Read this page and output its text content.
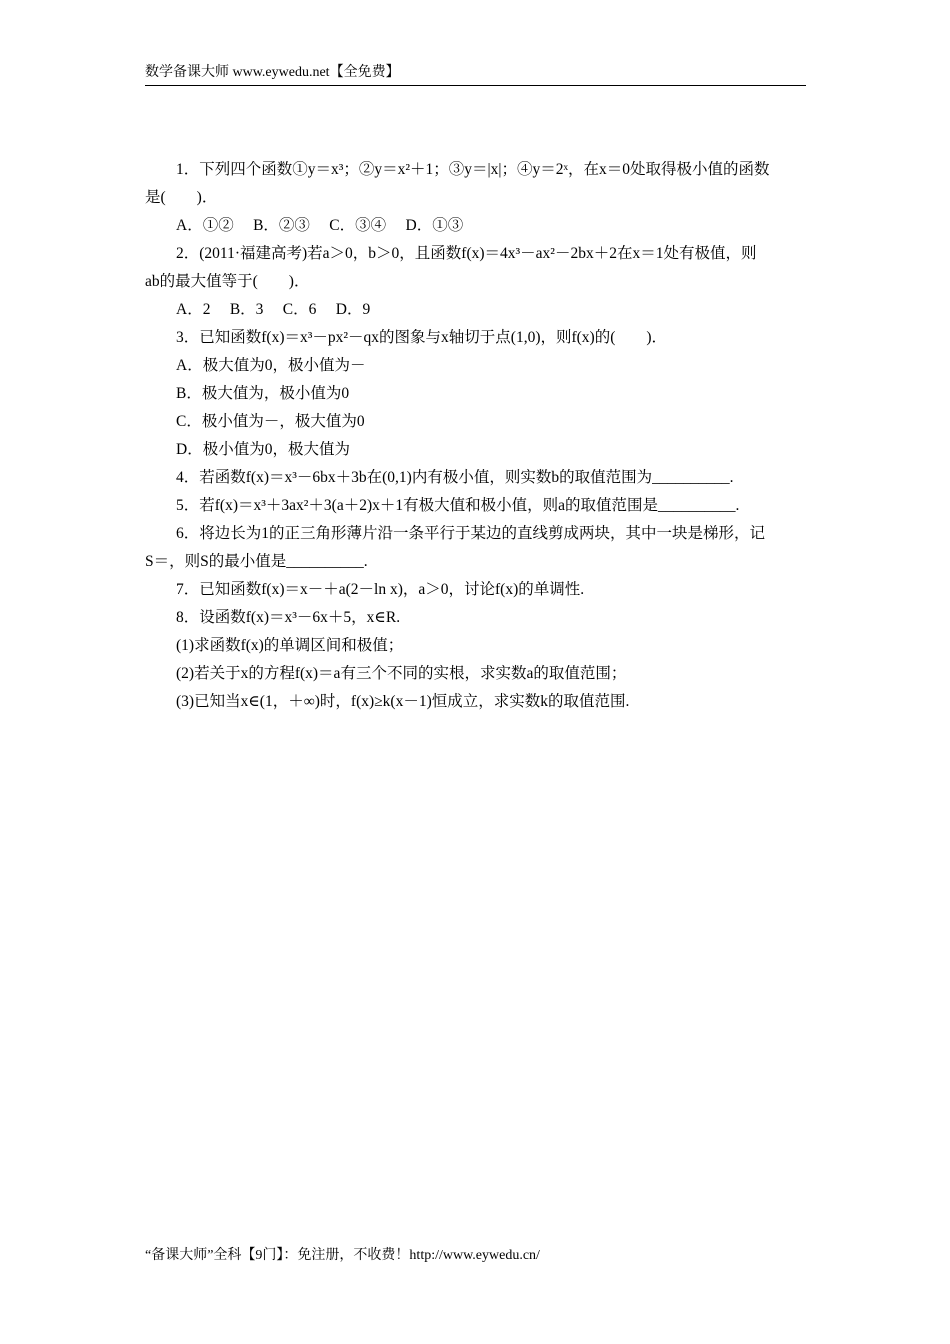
数学备课大师 www.eywedu.net【全免费】
1．下列四个函数①y＝x³；②y＝x²＋1；③y＝|x|；④y＝2ˣ，在x＝0处取得极小值的函数
是(　　)．
A．①②　 B．②③　 C．③④　 D．①③
2．(2011·福建高考)若a＞0，b＞0，且函数f(x)＝4x³－ax²－2bx＋2在x＝1处有极值，则
ab的最大值等于(　　)．
A．2　 B．3　 C．6　 D．9
3．已知函数f(x)＝x³－px²－qx的图象与x轴切于点(1,0)，则f(x)的(　　)．
A．极大值为0，极小值为－
B．极大值为，极小值为0
C．极小值为－，极大值为0
D．极小值为0，极大值为
4．若函数f(x)＝x³－6bx＋3b在(0,1)内有极小值，则实数b的取值范围为__________.
5．若f(x)＝x³＋3ax²＋3(a＋2)x＋1有极大值和极小值，则a的取值范围是__________.
6．将边长为1的正三角形薄片沿一条平行于某边的直线剪成两块，其中一块是梯形，记
S＝，则S的最小值是__________.
7．已知函数f(x)＝x－＋a(2－ln x)，a＞0，讨论f(x)的单调性.
8．设函数f(x)＝x³－6x＋5，x∈R.
(1)求函数f(x)的单调区间和极值；
(2)若关于x的方程f(x)＝a有三个不同的实根，求实数a的取值范围；
(3)已知当x∈(1，＋∞)时，f(x)≥k(x－1)恒成立，求实数k的取值范围.
“备课大师”全科【9门】：免注册，不收费！http://www.eywedu.cn/
